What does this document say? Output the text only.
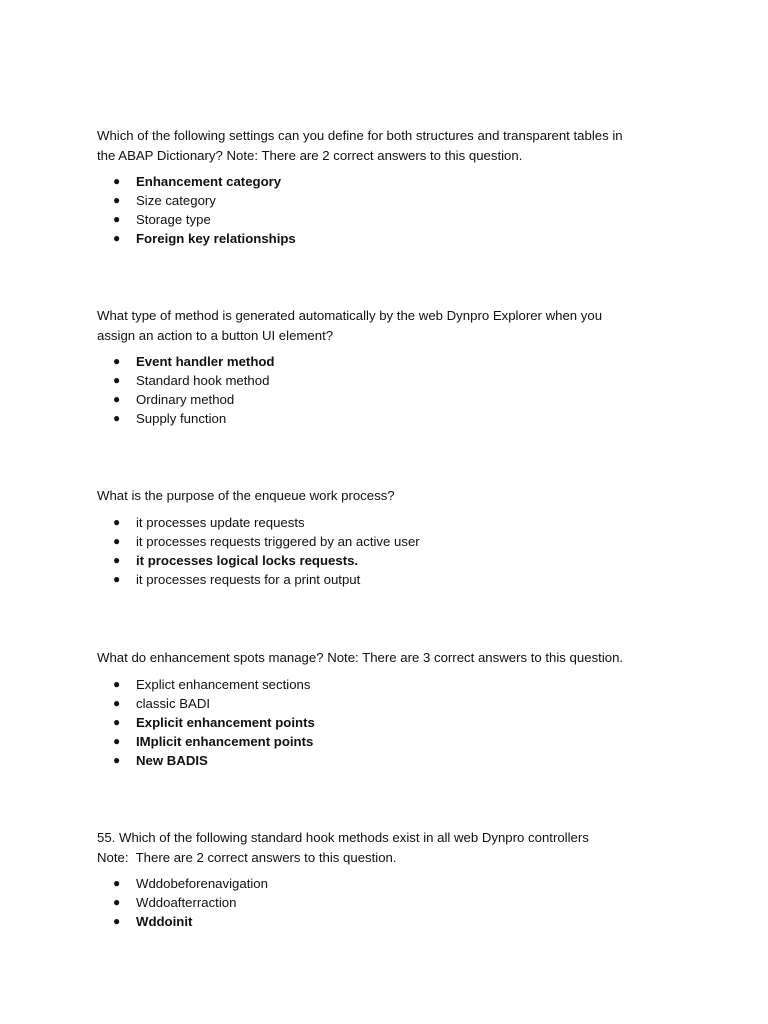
Which of the following settings can you define for both structures and transparent tables in
the ABAP Dictionary? Note: There are 2 correct answers to this question.

● Enhancement category
● Size category
● Storage type
● Foreign key relationships

What type of method is generated automatically by the web Dynpro Explorer when you
assign an action to a button UI element?

● Event handler method
● Standard hook method
● Ordinary method
● Supply function

What is the purpose of the enqueue work process?

● it processes update requests
● it processes requests triggered by an active user
● it processes logical locks requests.
● it processes requests for a print output

What do enhancement spots manage? Note: There are 3 correct answers to this question.

● Explict enhancement sections
● classic BADI
● Explicit enhancement points
● IMplicit enhancement points
● New BADIS

55. Which of the following standard hook methods exist in all web Dynpro controllers
Note:  There are 2 correct answers to this question.

● Wddobeforenavigation
● Wddoafterraction
● Wddoinit
